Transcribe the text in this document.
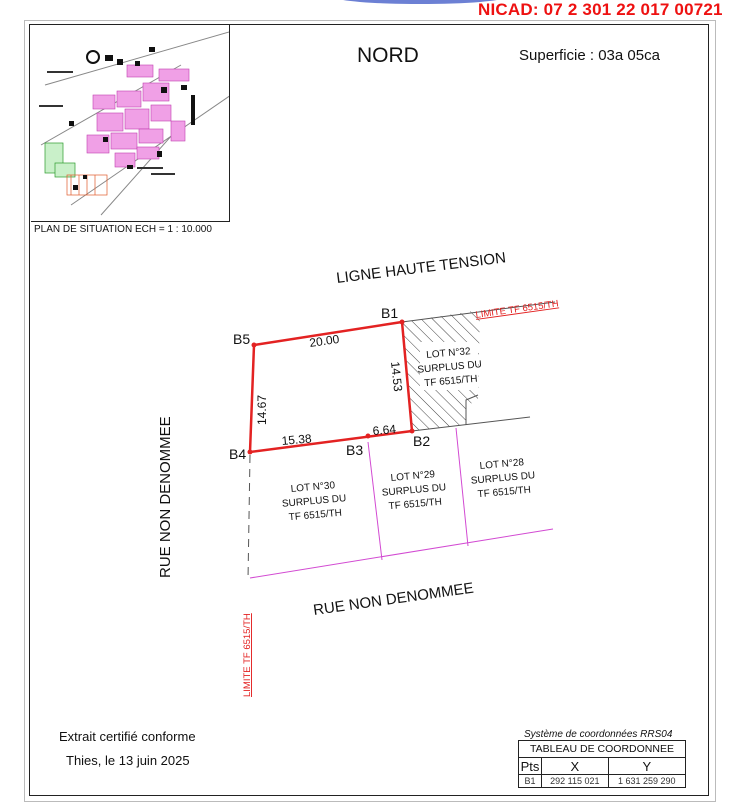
NICAD: 07 2 301 22 017 00721
PLAN DE SITUATION ECH = 1 : 10.000
NORD	Superficie : 03a 05ca
LIGNE HAUTE TENSION
LIMITE TF 6515/TH
LIMITE TF 6515/TH
B1
B5
B4	B3
B2
20.00
14.53
6.64
15.38
14.67
LOT N°32
SURPLUS DU
TF 6515/TH
LOT N°30
SURPLUS DU
TF 6515/TH
LOT N°29
SURPLUS DU
TF 6515/TH
LOT N°28
SURPLUS DU
TF 6515/TH
RUE NON DENOMMEE
RUE NON DENOMMEE
Extrait certifié conforme
Thies, le 13 juin 2025
Système de coordonnées RRS04
TABLEAU DE COORDONNEE		
Pts	X	Y
B1	292 115 021	1 631 259 290
